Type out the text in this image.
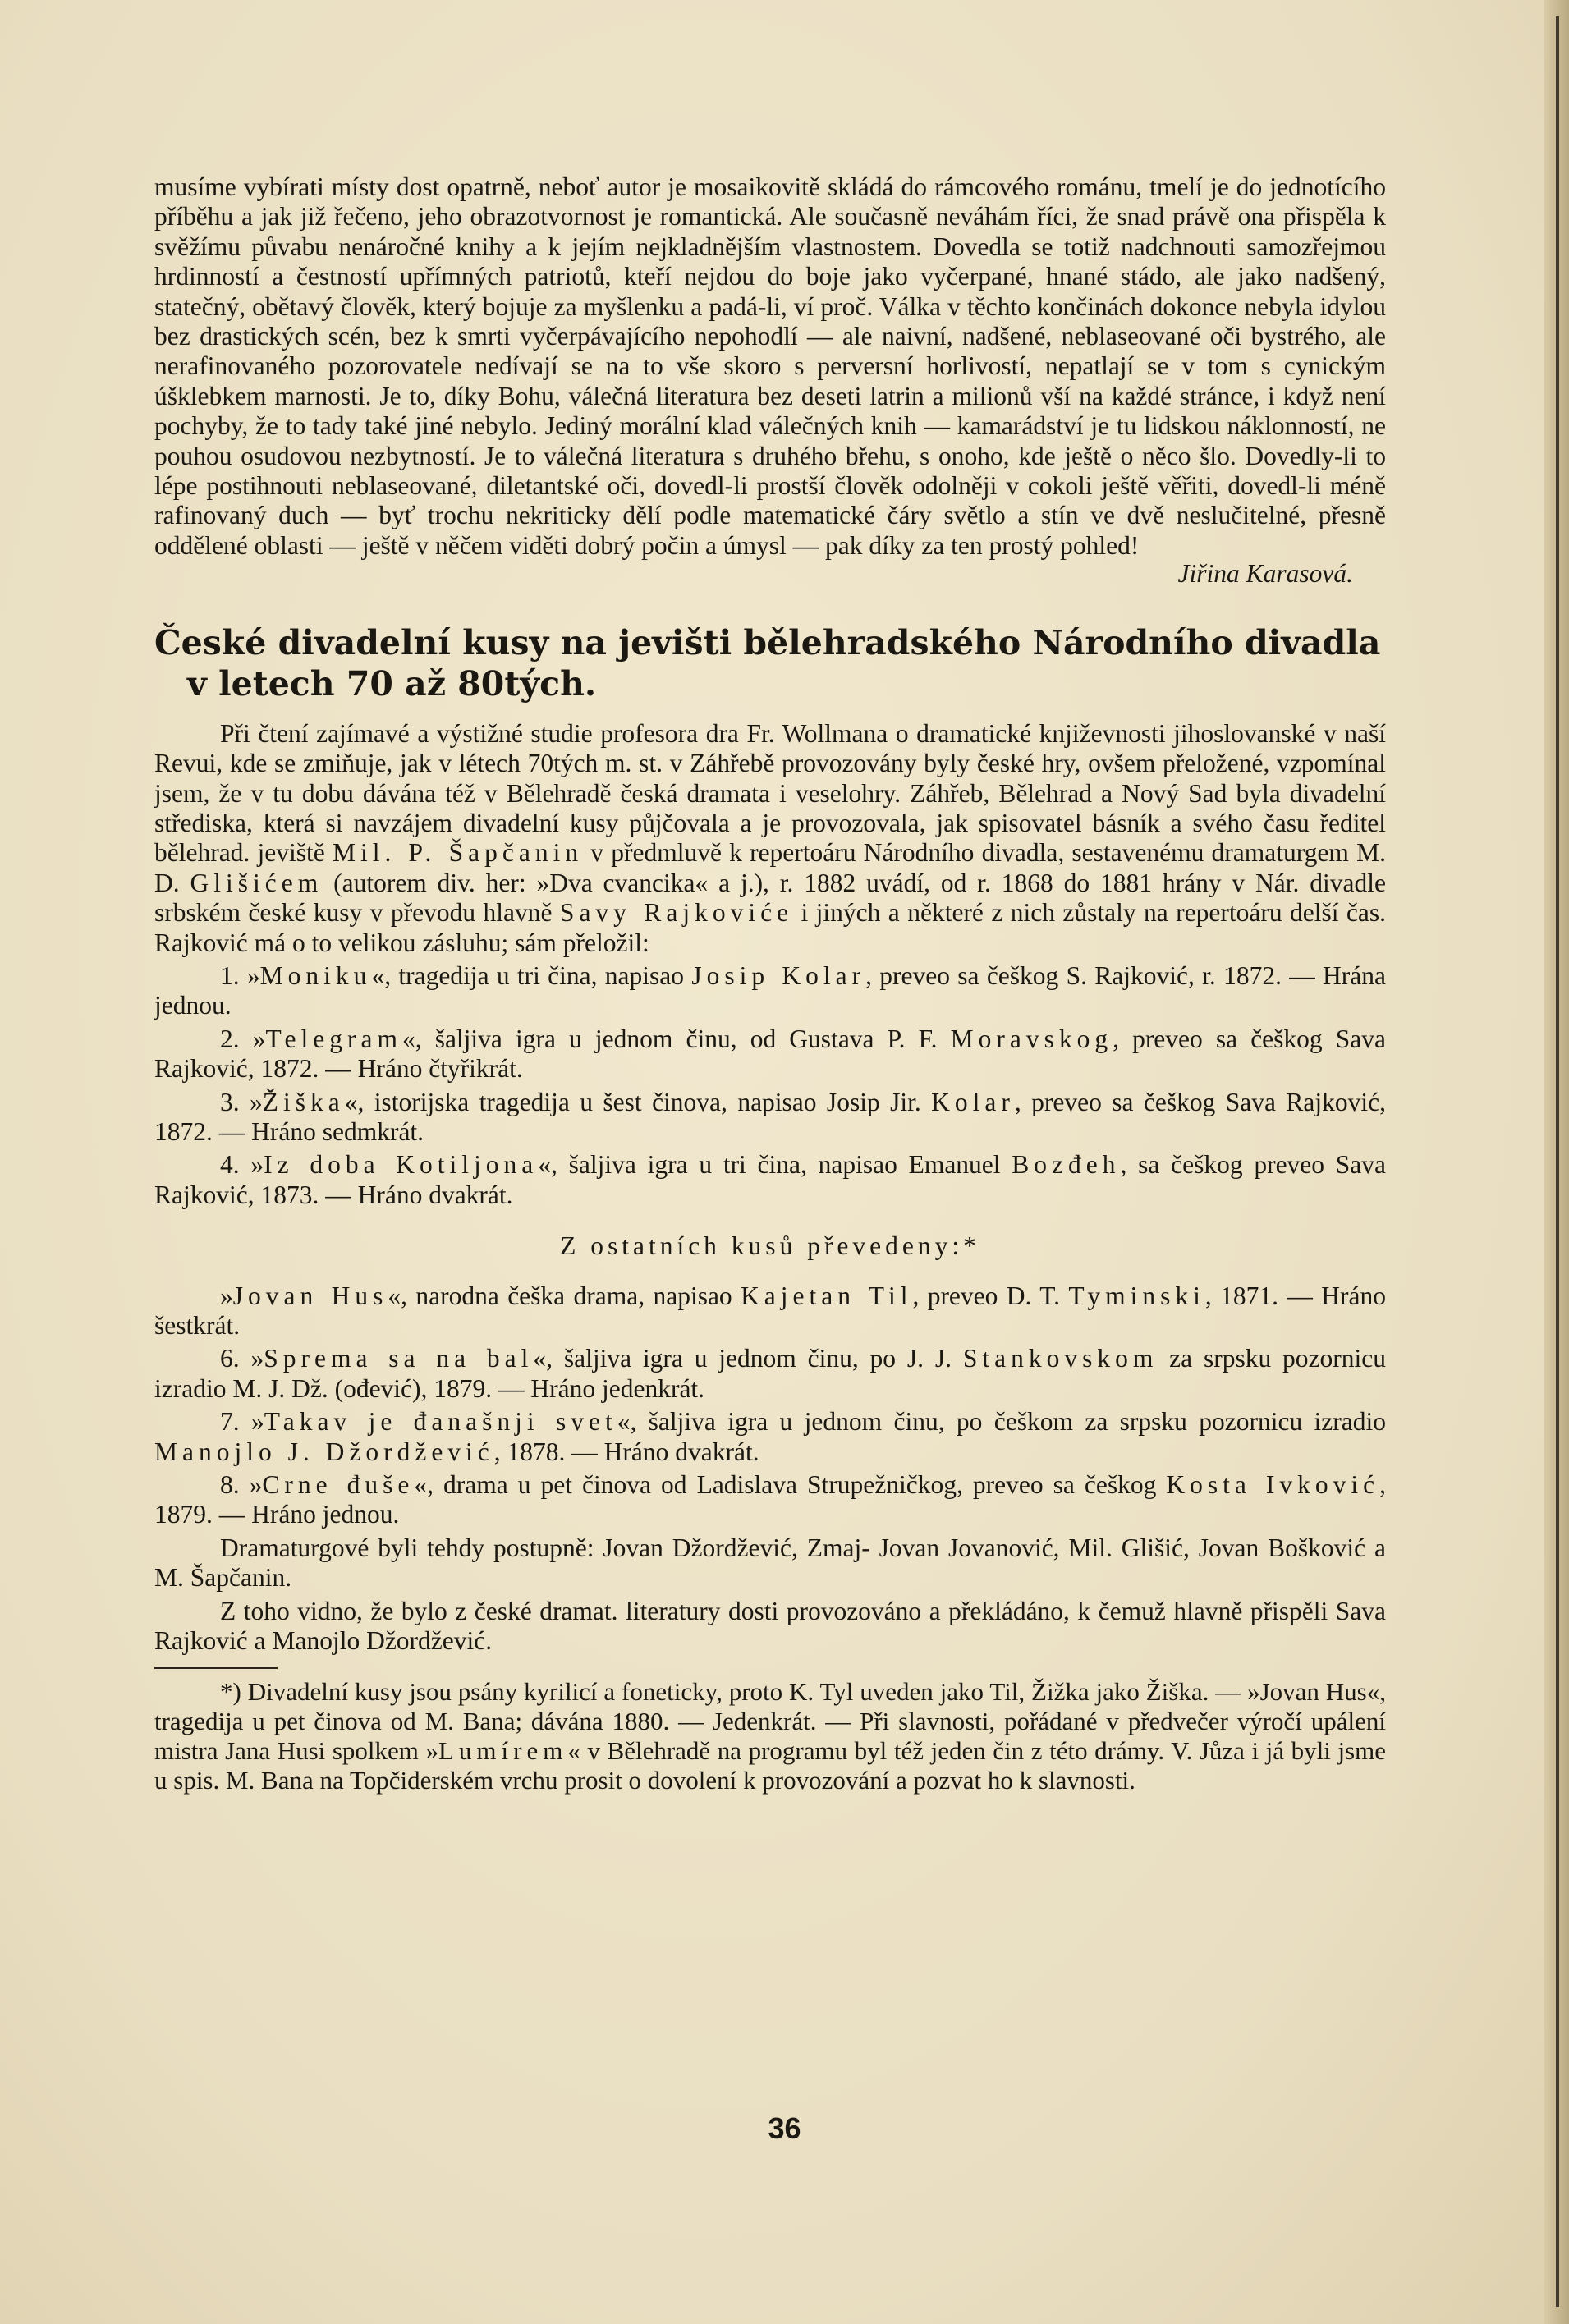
musíme vybírati místy dost opatrně, neboť autor je mosaikovitě skládá do rámcového románu, tmelí je do jednotícího příběhu a jak již řečeno, jeho obrazotvornost je romantická. Ale současně neváhám říci, že snad právě ona přispěla k svěžímu půvabu nenáročné knihy a k jejím nejkladnějším vlastnostem. Dovedla se totiž nadchnouti samozřejmou hrdinností a čestností upřímných patriotů, kteří nejdou do boje jako vyčerpané, hnané stádo, ale jako nadšený, statečný, obětavý člověk, který bojuje za myšlenku a padá-li, ví proč. Válka v těchto končinách dokonce nebyla idylou bez drastických scén, bez k smrti vyčerpávajícího nepohodlí — ale naivní, nadšené, neblaseované oči bystrého, ale nerafinovaného pozorovatele nedívají se na to vše skoro s perversní horlivostí, nepatlají se v tom s cynickým úšklebkem marnosti. Je to, díky Bohu, válečná literatura bez deseti latrin a milionů vší na každé stránce, i když není pochyby, že to tady také jiné nebylo. Jediný morální klad válečných knih — kamarádství je tu lidskou náklonností, ne pouhou osudovou nezbytností. Je to válečná literatura s druhého břehu, s onoho, kde ještě o něco šlo. Dovedly-li to lépe postihnouti neblaseované, diletantské oči, dovedl-li prostší člověk odolněji v cokoli ještě věřiti, dovedl-li méně rafinovaný duch — byť trochu nekriticky dělí podle matematické čáry světlo a stín ve dvě neslučitelné, přesně oddělené oblasti — ještě v něčem viděti dobrý počin a úmysl — pak díky za ten prostý pohled!

Jiřina Karasová.

České divadelní kusy na jevišti bělehradského Národního divadla
v letech 70 až 80tých.

Při čtení zajímavé a výstižné studie profesora dra Fr. Wollmana o dramatické književnosti jihoslovanské v naší Revui, kde se zmiňuje, jak v létech 70tých m. st. v Záhřebě provozovány byly české hry, ovšem přeložené, vzpomínal jsem, že v tu dobu dávána též v Bělehradě česká dramata i veselohry. Záhřeb, Bělehrad a Nový Sad byla divadelní střediska, která si navzájem divadelní kusy půjčovala a je provozovala, jak spisovatel básník a svého času ředitel bělehrad. jeviště Mil. P. Šapčanin v předmluvě k repertoáru Národního divadla, sestavenému dramaturgem M. D. Glišićem (autorem div. her: »Dva cvancika« a j.), r. 1882 uvádí, od r. 1868 do 1881 hrány v Nár. divadle srbském české kusy v převodu hlavně Savy Rajkoviće i jiných a některé z nich zůstaly na repertoáru delší čas. Rajković má o to velikou zásluhu; sám přeložil:

1. »Moniku«, tragedija u tri čina, napisao Josip Kolar, preveo sa češkog S. Rajković, r. 1872. — Hrána jednou.

2. »Telegram«, šaljiva igra u jednom činu, od Gustava P. F. Moravskog, preveo sa češkog Sava Rajković, 1872. — Hráno čtyřikrát.

3. »Žiška«, istorijska tragedija u šest činova, napisao Josip Jir. Kolar, preveo sa češkog Sava Rajković, 1872. — Hráno sedmkrát.

4. »Iz doba Kotiljona«, šaljiva igra u tri čina, napisao Emanuel Bozđeh, sa češkog preveo Sava Rajković, 1873. — Hráno dvakrát.

Z ostatních kusů převedeny:*

»Jovan Hus«, narodna češka drama, napisao Kajetan Til, preveo D. T. Tyminski, 1871. — Hráno šestkrát.

6. »Sprema sa na bal«, šaljiva igra u jednom činu, po J. J. Stankovskom za srpsku pozornicu izradio M. J. Dž. (ođević), 1879. — Hráno jedenkrát.

7. »Takav je đanašnji svet«, šaljiva igra u jednom činu, po češkom za srpsku pozornicu izradio Manojlo J. Džordžević, 1878. — Hráno dvakrát.

8. »Crne đuše«, drama u pet činova od Ladislava Strupežničkog, preveo sa češkog Kosta Ivković, 1879. — Hráno jednou.

Dramaturgové byli tehdy postupně: Jovan Džordžević, Zmaj- Jovan Jovanović, Mil. Glišić, Jovan Bošković a M. Šapčanin.

Z toho vidno, že bylo z české dramat. literatury dosti provozováno a překládáno, k čemuž hlavně přispěli Sava Rajković a Manojlo Džordžević.

*) Divadelní kusy jsou psány kyrilicí a foneticky, proto K. Tyl uveden jako Til, Žižka jako Žiška. — »Jovan Hus«, tragedija u pet činova od M. Bana; dávána 1880. — Jedenkrát. — Při slavnosti, pořádané v předvečer výročí upálení mistra Jana Husi spolkem »Lumírem« v Bělehradě na programu byl též jeden čin z této drámy. V. Jůza i já byli jsme u spis. M. Bana na Topčiderském vrchu prosit o dovolení k provozování a pozvat ho k slavnosti.

36
